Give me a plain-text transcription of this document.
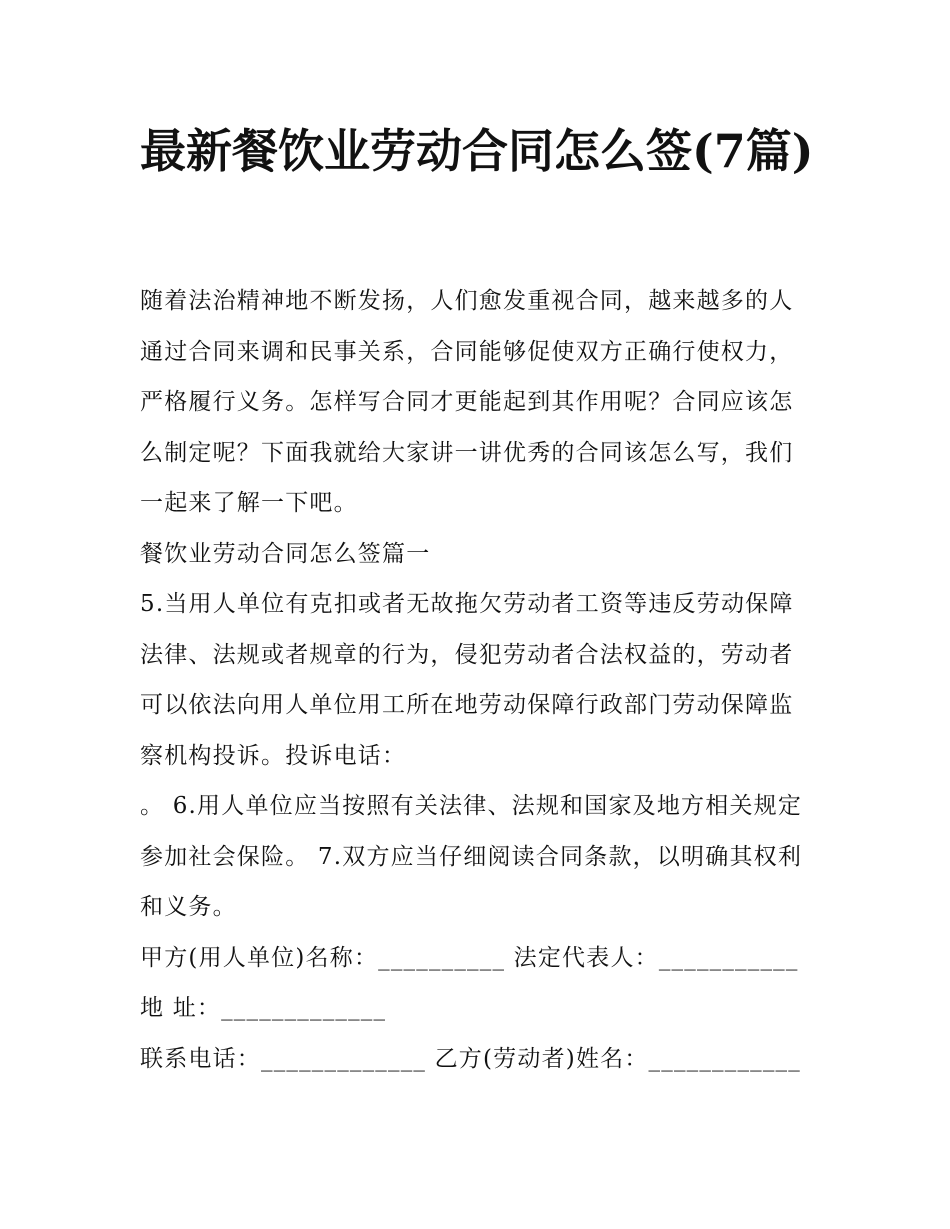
最新餐饮业劳动合同怎么签(7篇)

随着法治精神地不断发扬，人们愈发重视合同，越来越多的人通过合同来调和民事关系，合同能够促使双方正确行使权力，严格履行义务。怎样写合同才更能起到其作用呢？合同应该怎么制定呢？下面我就给大家讲一讲优秀的合同该怎么写，我们一起来了解一下吧。

餐饮业劳动合同怎么签篇一

5.当用人单位有克扣或者无故拖欠劳动者工资等违反劳动保障法律、法规或者规章的行为，侵犯劳动者合法权益的，劳动者可以依法向用人单位用工所在地劳动保障行政部门劳动保障监察机构投诉。投诉电话：

。 6.用人单位应当按照有关法律、法规和国家及地方相关规定参加社会保险。 7.双方应当仔细阅读合同条款，以明确其权利和义务。

甲方(用人单位)名称：__________ 法定代表人：___________

地 址：_____________

联系电话：_____________ 乙方(劳动者)姓名：____________
